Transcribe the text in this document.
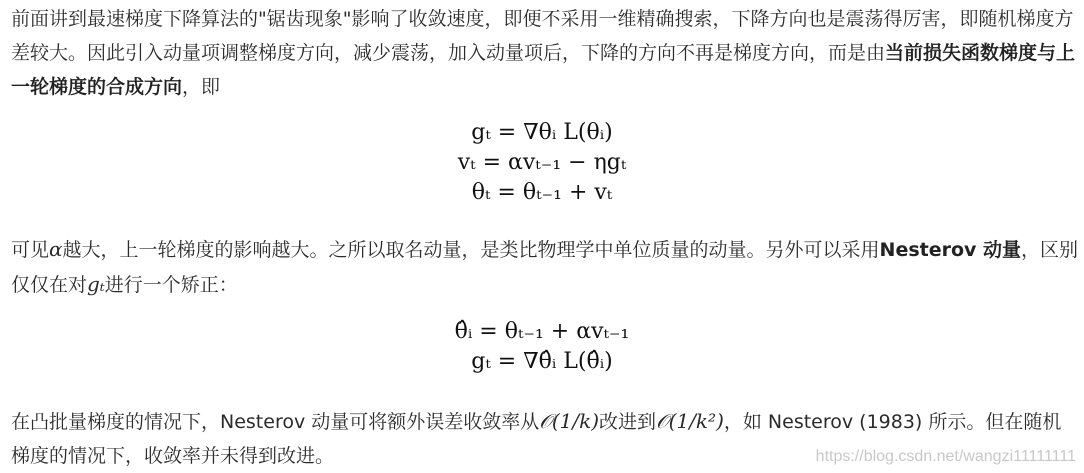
前面讲到最速梯度下降算法的"锯齿现象"影响了收敛速度，即便不采用一维精确搜索，下降方向也是震荡得厉害，即随机梯度方差较大。因此引入动量项调整梯度方向，减少震荡，加入动量项后，下降的方向不再是梯度方向，而是由当前损失函数梯度与上一轮梯度的合成方向，即

gₜ = ∇θᵢ L(θᵢ)
vₜ = αvₜ₋₁ − ηgₜ
θₜ = θₜ₋₁ + vₜ

可见α越大，上一轮梯度的影响越大。之所以取名动量，是类比物理学中单位质量的动量。另外可以采用Nesterov 动量，区别仅仅在对gₜ进行一个矫正：

θ̂ᵢ = θₜ₋₁ + αvₜ₋₁
gₜ = ∇θ̂ᵢ L(θ̂ᵢ)

在凸批量梯度的情况下，Nesterov 动量可将额外误差收敛率从𝒪(1/k)改进到𝒪(1/k²)，如 Nesterov (1983) 所示。但在随机梯度的情况下，收敛率并未得到改进。	https://blog.csdn.net/wangzi11111111
